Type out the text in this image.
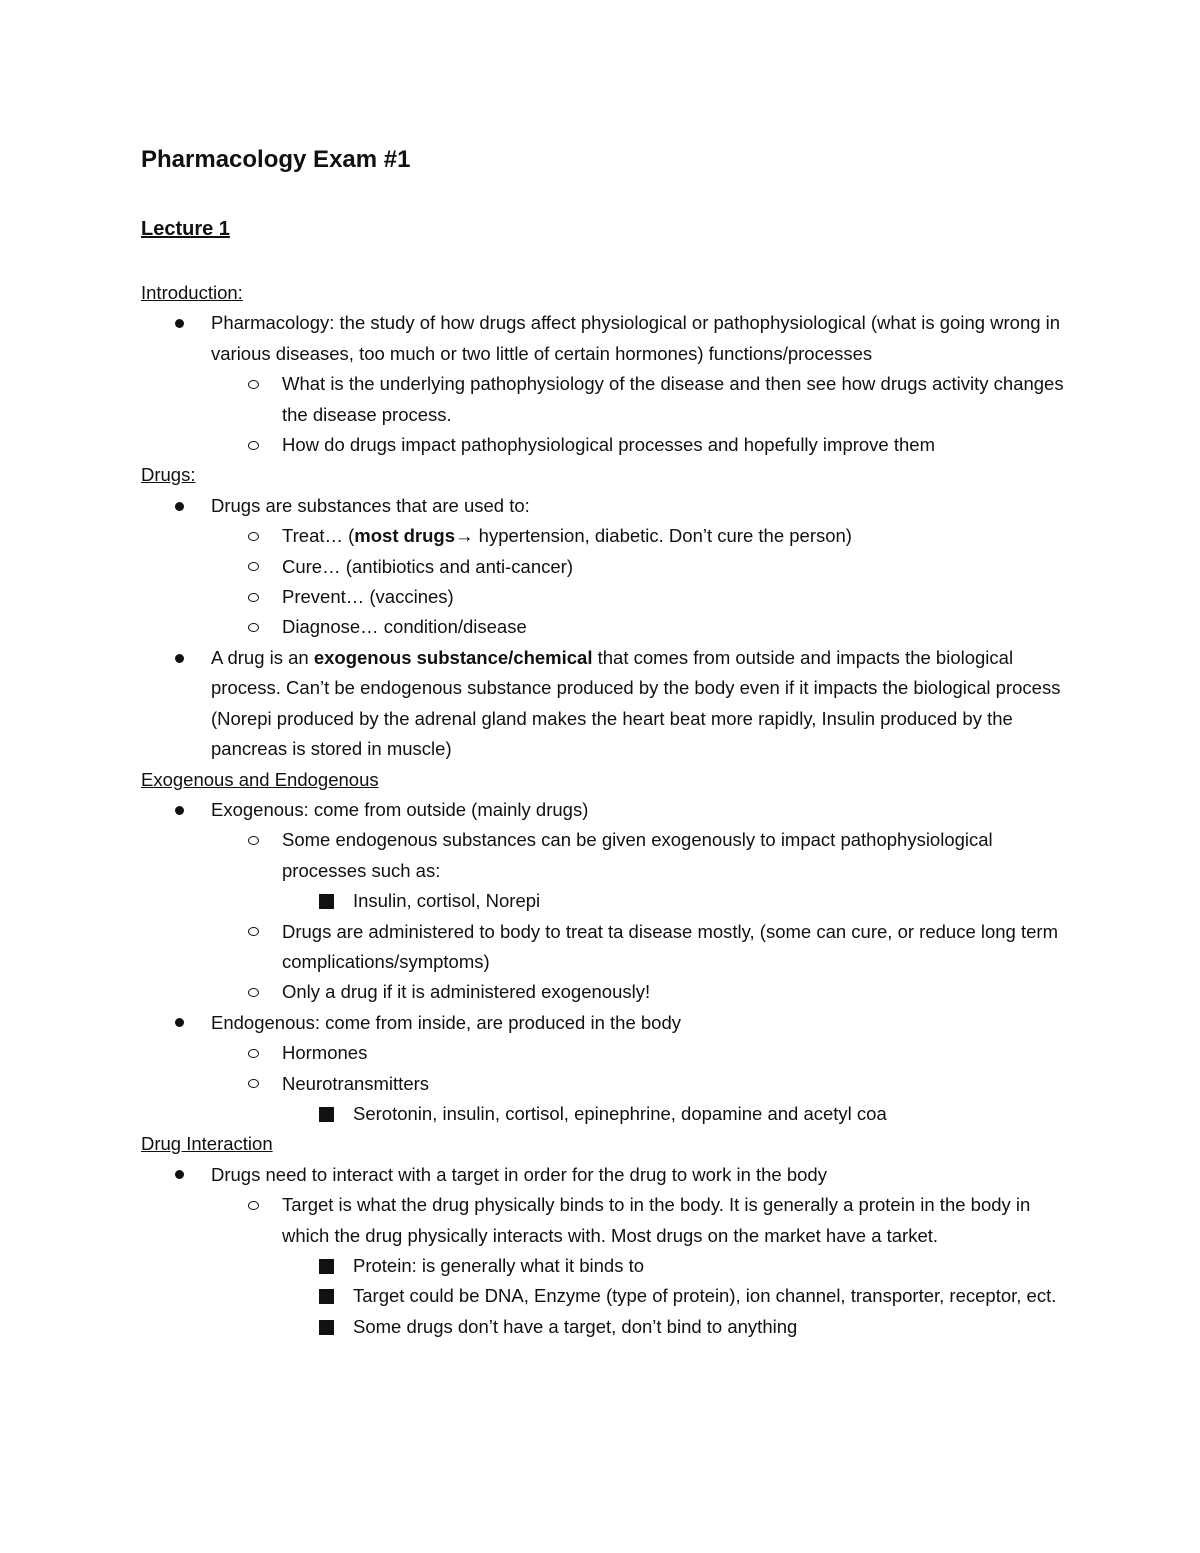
Pharmacology Exam #1
Lecture 1

Introduction:

Pharmacology: the study of how drugs affect physiological or pathophysiological (what is going wrong in various diseases, too much or two little of certain hormones) functions/processes
What is the underlying pathophysiology of the disease and then see how drugs activity changes the disease process.
How do drugs impact pathophysiological processes and hopefully improve them

Drugs:

Drugs are substances that are used to:
Treat… (most drugs→ hypertension, diabetic. Don’t cure the person)
Cure… (antibiotics and anti-cancer)
Prevent… (vaccines)
Diagnose… condition/disease
A drug is an exogenous substance/chemical that comes from outside and impacts the biological process. Can’t be endogenous substance produced by the body even if it impacts the biological process (Norepi produced by the adrenal gland makes the heart beat more rapidly, Insulin produced by the pancreas is stored in muscle)

Exogenous and Endogenous

Exogenous: come from outside (mainly drugs)
Some endogenous substances can be given exogenously to impact pathophysiological processes such as:
Insulin, cortisol, Norepi
Drugs are administered to body to treat ta disease mostly, (some can cure, or reduce long term complications/symptoms)
Only a drug if it is administered exogenously!
Endogenous: come from inside, are produced in the body
Hormones
Neurotransmitters
Serotonin, insulin, cortisol, epinephrine, dopamine and acetyl coa

Drug Interaction

Drugs need to interact with a target in order for the drug to work in the body
Target is what the drug physically binds to in the body. It is generally a protein in the body in which the drug physically interacts with. Most drugs on the market have a tarket.
Protein: is generally what it binds to
Target could be DNA, Enzyme (type of protein), ion channel, transporter, receptor, ect.
Some drugs don’t have a target, don’t bind to anything
